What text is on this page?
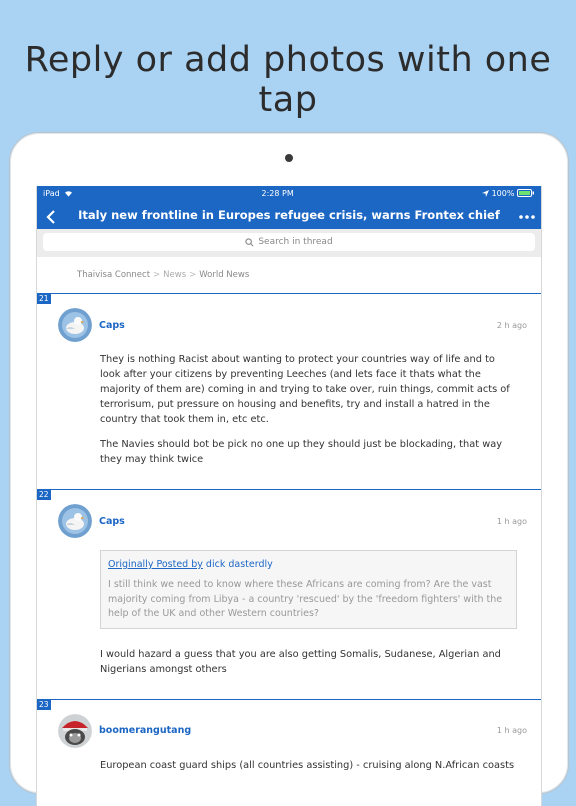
Reply or add photos with one tap
iPad	2:28 PM	100%
Italy new frontline in Europes refugee crisis, warns Frontex chief
Search in thread
Thaivisa Connect > News > World News
21
Caps	2 h ago

They is nothing Racist about wanting to protect your countries way of life and to look after your citizens by preventing Leeches (and lets face it thats what the majority of them are) coming in and trying to take over, ruin things, commit acts of terrorisum, put pressure on housing and benefits, try and install a hatred in the country that took them in, etc etc.

The Navies should bot be pick no one up they should just be blockading, that way they may think twice

22
Caps	1 h ago
Originally Posted by dick dasterdly
I still think we need to know where these Africans are coming from? Are the vast majority coming from Libya - a country 'rescued' by the 'freedom fighters' with the help of the UK and other Western countries?

I would hazard a guess that you are also getting Somalis, Sudanese, Algerian and Nigerians amongst others

23
boomerangutang	1 h ago

European coast guard ships (all countries assisting) - cruising along N.African coasts
